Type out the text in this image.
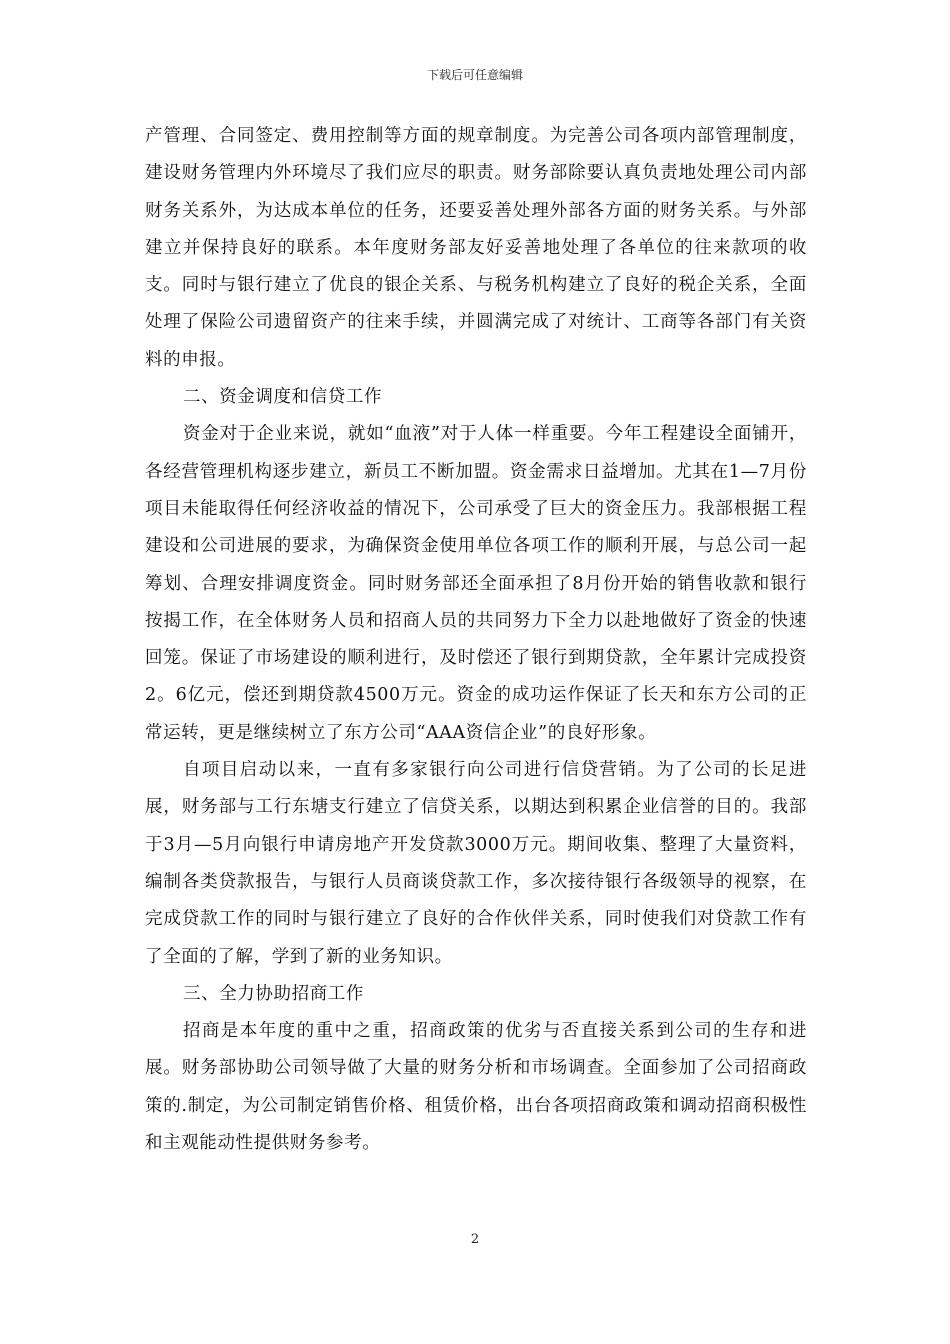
下载后可任意编辑

产管理、合同签定、费用控制等方面的规章制度。为完善公司各项内部管理制度，建设财务管理内外环境尽了我们应尽的职责。财务部除要认真负责地处理公司内部财务关系外，为达成本单位的任务，还要妥善处理外部各方面的财务关系。与外部建立并保持良好的联系。本年度财务部友好妥善地处理了各单位的往来款项的收支。同时与银行建立了优良的银企关系、与税务机构建立了良好的税企关系，全面处理了保险公司遗留资产的往来手续，并圆满完成了对统计、工商等各部门有关资料的申报。

二、资金调度和信贷工作

资金对于企业来说，就如“血液”对于人体一样重要。今年工程建设全面铺开，各经营管理机构逐步建立，新员工不断加盟。资金需求日益增加。尤其在1—7月份项目未能取得任何经济收益的情况下，公司承受了巨大的资金压力。我部根据工程建设和公司进展的要求，为确保资金使用单位各项工作的顺利开展，与总公司一起筹划、合理安排调度资金。同时财务部还全面承担了8月份开始的销售收款和银行按揭工作，在全体财务人员和招商人员的共同努力下全力以赴地做好了资金的快速回笼。保证了市场建设的顺利进行，及时偿还了银行到期贷款，全年累计完成投资2。6亿元，偿还到期贷款4500万元。资金的成功运作保证了长天和东方公司的正常运转，更是继续树立了东方公司“AAA资信企业”的良好形象。

自项目启动以来，一直有多家银行向公司进行信贷营销。为了公司的长足进展，财务部与工行东塘支行建立了信贷关系，以期达到积累企业信誉的目的。我部于3月—5月向银行申请房地产开发贷款3000万元。期间收集、整理了大量资料，编制各类贷款报告，与银行人员商谈贷款工作，多次接待银行各级领导的视察，在完成贷款工作的同时与银行建立了良好的合作伙伴关系，同时使我们对贷款工作有了全面的了解，学到了新的业务知识。

三、全力协助招商工作

招商是本年度的重中之重，招商政策的优劣与否直接关系到公司的生存和进展。财务部协助公司领导做了大量的财务分析和市场调查。全面参加了公司招商政策的.制定，为公司制定销售价格、租赁价格，出台各项招商政策和调动招商积极性和主观能动性提供财务参考。

2
